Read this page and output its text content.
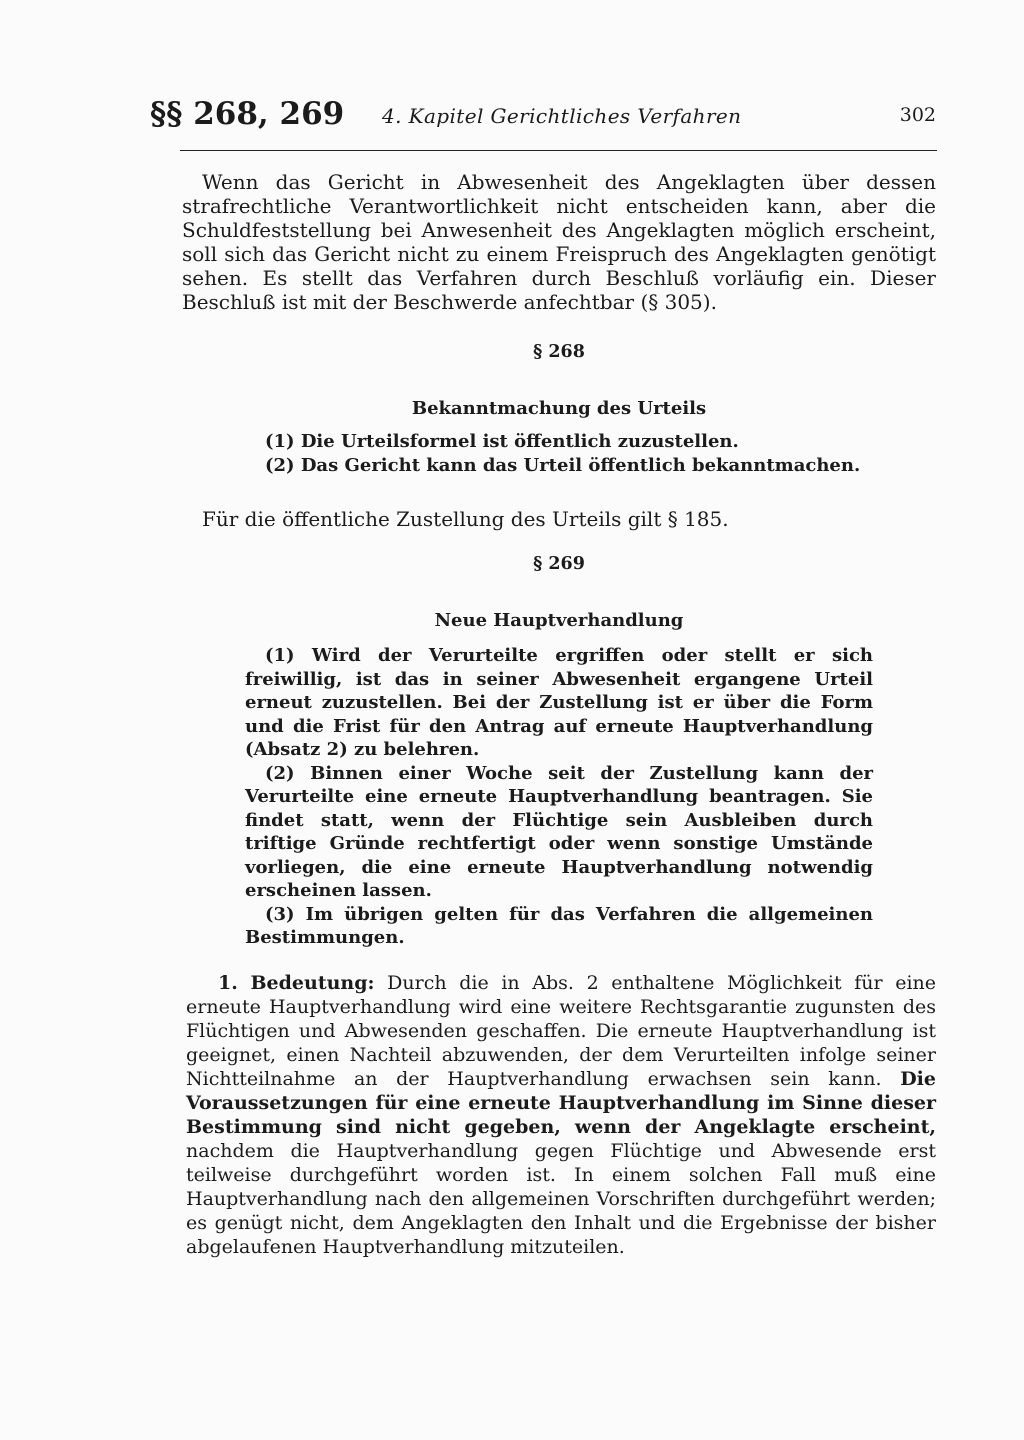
§§ 268, 269 4. Kapitel Gerichtliches Verfahren	302

Wenn das Gericht in Abwesenheit des Angeklagten über dessen strafrechtliche Verantwortlichkeit nicht entscheiden kann, aber die Schuldfeststellung bei Anwesenheit des Angeklagten möglich erscheint, soll sich das Gericht nicht zu einem Freispruch des Angeklagten genötigt sehen. Es stellt das Verfahren durch Beschluß vorläufig ein. Dieser Beschluß ist mit der Beschwerde anfechtbar (§ 305).

§ 268

Bekanntmachung des Urteils

(1) Die Urteilsformel ist öffentlich zuzustellen.

(2) Das Gericht kann das Urteil öffentlich bekanntmachen.

Für die öffentliche Zustellung des Urteils gilt § 185.

§ 269

Neue Hauptverhandlung

(1) Wird der Verurteilte ergriffen oder stellt er sich freiwillig, ist das in seiner Abwesenheit ergangene Urteil erneut zuzustellen. Bei der Zustellung ist er über die Form und die Frist für den Antrag auf erneute Hauptverhandlung (Absatz 2) zu belehren.

(2) Binnen einer Woche seit der Zustellung kann der Verurteilte eine erneute Hauptverhandlung beantragen. Sie findet statt, wenn der Flüchtige sein Ausbleiben durch triftige Gründe rechtfertigt oder wenn sonstige Umstände vorliegen, die eine erneute Hauptverhandlung notwendig erscheinen lassen.

(3) Im übrigen gelten für das Verfahren die allgemeinen Bestimmungen.

1. Bedeutung: Durch die in Abs. 2 enthaltene Möglichkeit für eine erneute Hauptverhandlung wird eine weitere Rechtsgarantie zugunsten des Flüchtigen und Abwesenden geschaffen. Die erneute Hauptverhandlung ist geeignet, einen Nachteil abzuwenden, der dem Verurteilten infolge seiner Nichtteilnahme an der Hauptverhandlung erwachsen sein kann. Die Voraussetzungen für eine erneute Hauptverhandlung im Sinne dieser Bestimmung sind nicht gegeben, wenn der Angeklagte erscheint, nachdem die Hauptverhandlung gegen Flüchtige und Abwesende erst teilweise durchgeführt worden ist. In einem solchen Fall muß eine Hauptverhandlung nach den allgemeinen Vorschriften durchgeführt werden; es genügt nicht, dem Angeklagten den Inhalt und die Ergebnisse der bisher abgelaufenen Hauptverhandlung mitzuteilen.
